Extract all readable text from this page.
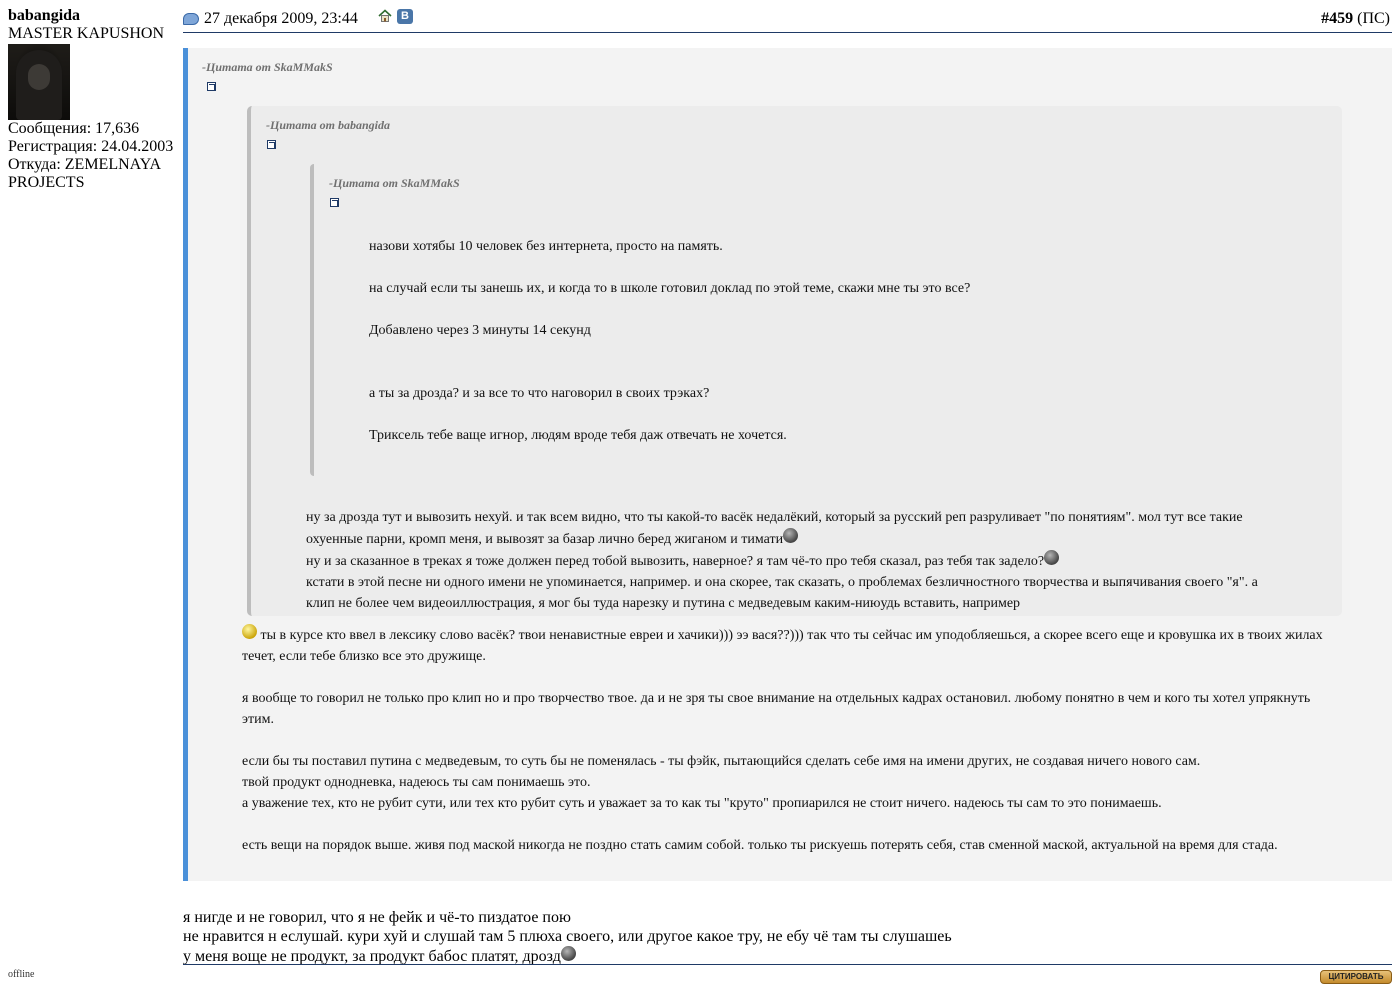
babangida
MASTER KAPUSHON
Сообщения: 17,636
Регистрация: 24.04.2003
Откуда: ZEMELNAYA PROJECTS
offline
27 декабря 2009, 23:44	В	#459 (ПС)
-Цитата от SkaMMakS
-Цитата от babangida
-Цитата от SkaMMakS
назови хотябы 10 человек без интернета, просто на память.

на случай если ты занешь их, и когда то в школе готовил доклад по этой теме, скажи мне ты это все?

Добавлено через 3 минуты 14 секунд

а ты за дрозда? и за все то что наговорил в своих трэках?

Триксель тебе ваще игнор, людям вроде тебя даж отвечать не хочется.

ну за дрозда тут и вывозить нехуй. и так всем видно, что ты какой-то васёк недалёкий, который за русский реп разруливает "по понятиям". мол тут все такие охуенные парни, кромп меня, и вывозят за базар лично беред жиганом и тимати
ну и за сказанное в треках я тоже должен перед тобой вывозить, наверное? я там чё-то про тебя сказал, раз тебя так задело?
кстати в этой песне ни одного имени не упоминается, например. и она скорее, так сказать, о проблемах безличностного творчества и выпячивания своего "я". а клип не более чем видеоиллюстрация, я мог бы туда нарезку и путина с медведевым каким-ниюудь вставить, например

ты в курсе кто ввел в лексику слово васёк? твои ненавистные евреи и хачики))) ээ вася??))) так что ты сейчас им уподобляешься, а скорее всего еще и кровушка их в твоих жилах течет, если тебе близко все это дружище.

я вообще то говорил не только про клип но и про творчество твое. да и не зря ты свое внимание на отдельных кадрах остановил. любому понятно в чем и кого ты хотел упрякнуть этим.

если бы ты поставил путина с медведевым, то суть бы не поменялась - ты фэйк, пытающийся сделать себе имя на имени других, не создавая ничего нового сам.
твой продукт однодневка, надеюсь ты сам понимаешь это.
а уважение тех, кто не рубит сути, или тех кто рубит суть и уважает за то как ты "круто" пропиарился не стоит ничего. надеюсь ты сам то это понимаешь.

есть вещи на порядок выше. живя под маской никогда не поздно стать самим собой. только ты рискуешь потерять себя, став сменной маской, актуальной на время для стада.

я нигде и не говорил, что я не фейк и чё-то пиздатое пою
не нравится н еслушай. кури хуй и слушай там 5 плюха своего, или другое какое тру, не ебу чё там ты слушашеь
у меня воще не продукт, за продукт бабос платят, дрозд

ЦИТИРОВАТЬ
